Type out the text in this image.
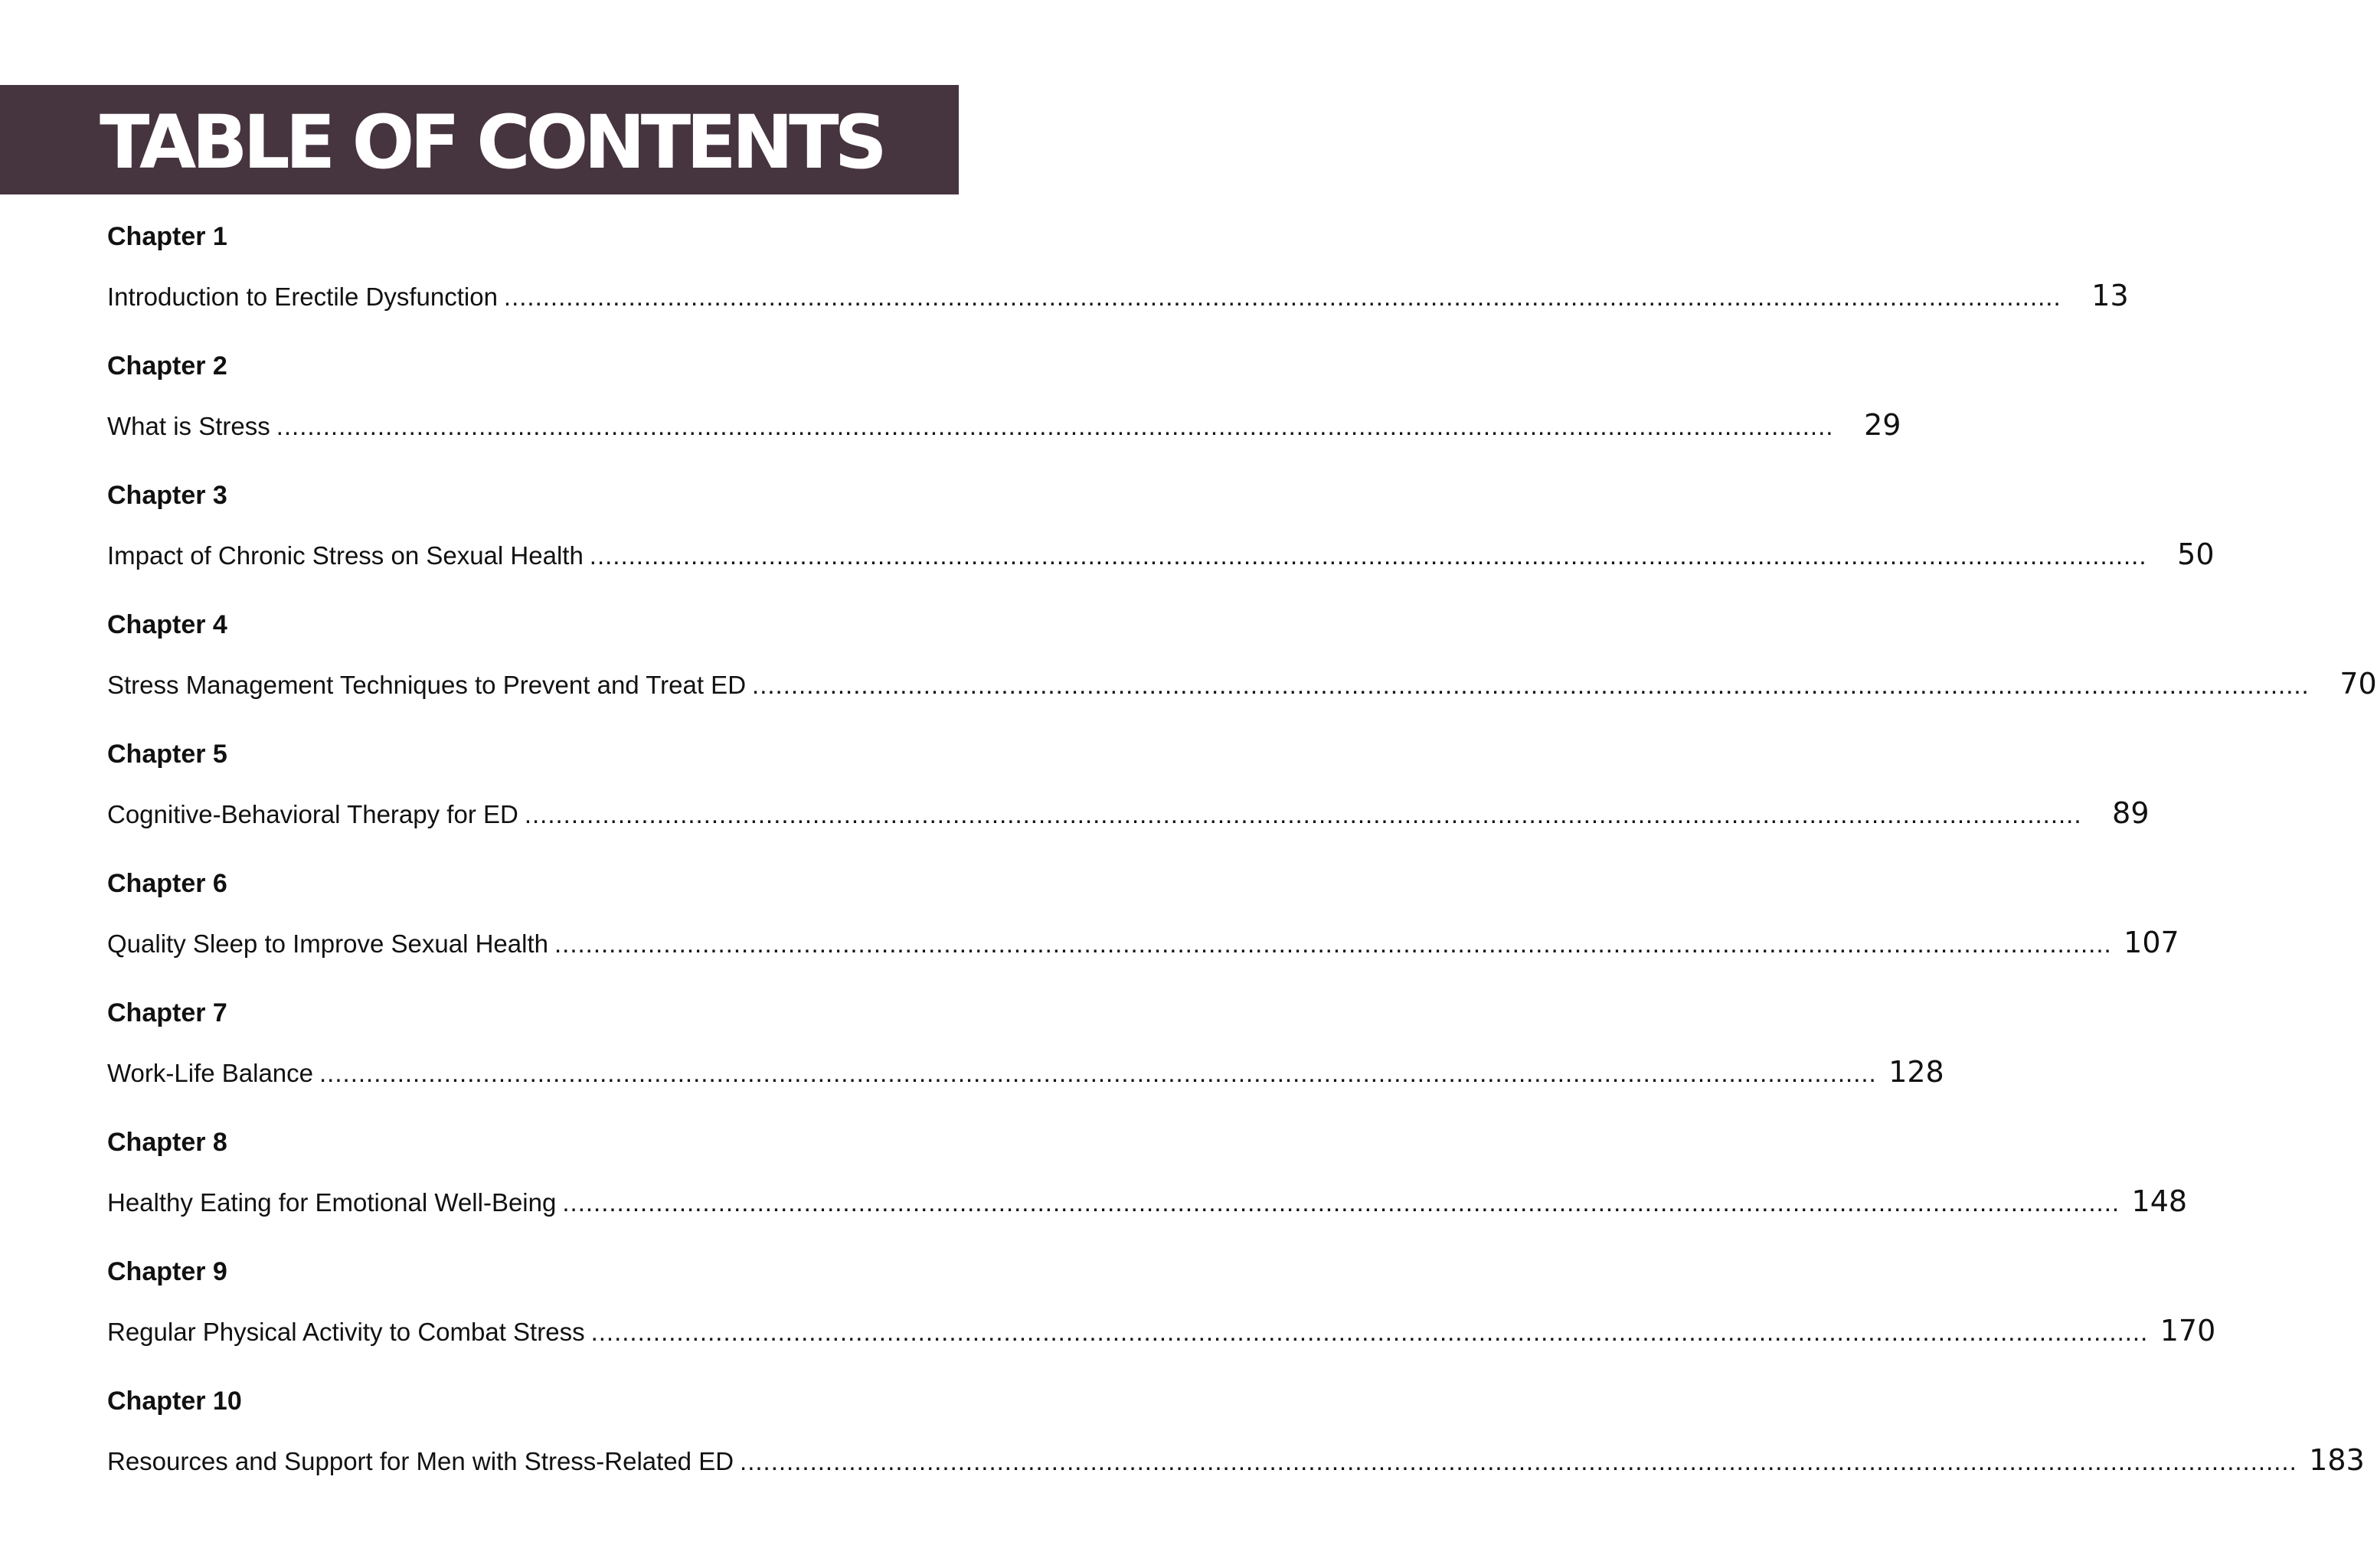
TABLE OF CONTENTS
Chapter 1
Introduction to Erectile Dysfunction ........................................................................................................................................................................................................	13
Chapter 2
What is Stress ........................................................................................................................................................................................................	29
Chapter 3
Impact of Chronic Stress on Sexual Health ........................................................................................................................................................................................................	50
Chapter 4
Stress Management Techniques to Prevent and Treat ED ........................................................................................................................................................................................................	70
Chapter 5
Cognitive-Behavioral Therapy for ED ........................................................................................................................................................................................................	89
Chapter 6
Quality Sleep to Improve Sexual Health ........................................................................................................................................................................................................ 107
Chapter 7
Work-Life Balance ........................................................................................................................................................................................................ 128
Chapter 8
Healthy Eating for Emotional Well-Being ........................................................................................................................................................................................................ 148
Chapter 9
Regular Physical Activity to Combat Stress ........................................................................................................................................................................................................ 170
Chapter 10
Resources and Support for Men with Stress-Related ED ........................................................................................................................................................................................................ 183
